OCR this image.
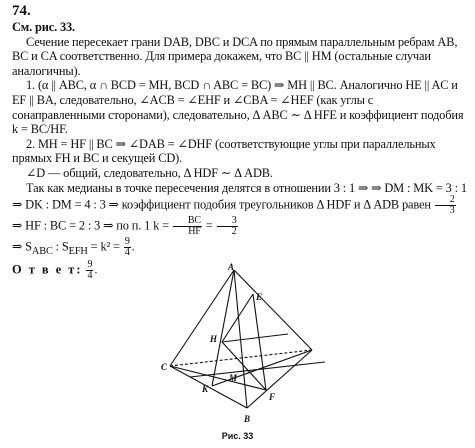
74.

См. рис. 33.

Сечение пересекает грани DAB, DBC и DCA по прямым параллельным ребрам AB, BC и CA соответственно. Для примера докажем, что BC || HM (остальные случаи аналогичны).

1. (α || ABC, α ∩ BCD = MH, BCD ∩ ABC = BC) ⇒ MH || BC. Аналогично HE || AC и EF || BA, следовательно, ∠ACB = ∠EHF и ∠CBA = ∠HEF (как углы с сонаправленными сторонами), следовательно, Δ ABC ∼ Δ HFE и коэффициент подобия k = BC/HF.

2. MH = HF || BC ⇒ ∠DAB = ∠DHF (соответствующие углы при параллельных прямых FH и BC и секущей CD).

∠D — общий, следовательно, Δ HDF ∼ Δ ADB.

Так как медианы в точке пересечения делятся в отношении 3 : 1 ⇒ ⇒ DM : MK = 3 : 1 ⇒ DK : DM = 4 : 3 ⇒ коэффициент подобия треугольников Δ HDF и Δ ADB равен $\frac{2}{3}$
⇒ HF : BC = 2 : 3 ⇒ по п. 1 $k = \frac{BC}{HF} = \frac{3}{2}$

⇒ $S_{ABC}$ : $S_{EFH} = k^2 = \frac{9}{4}$ .

О т в е т: $\frac{9}{4}$ .	A
B
C
E
F
H
K
M
Рис. 33
